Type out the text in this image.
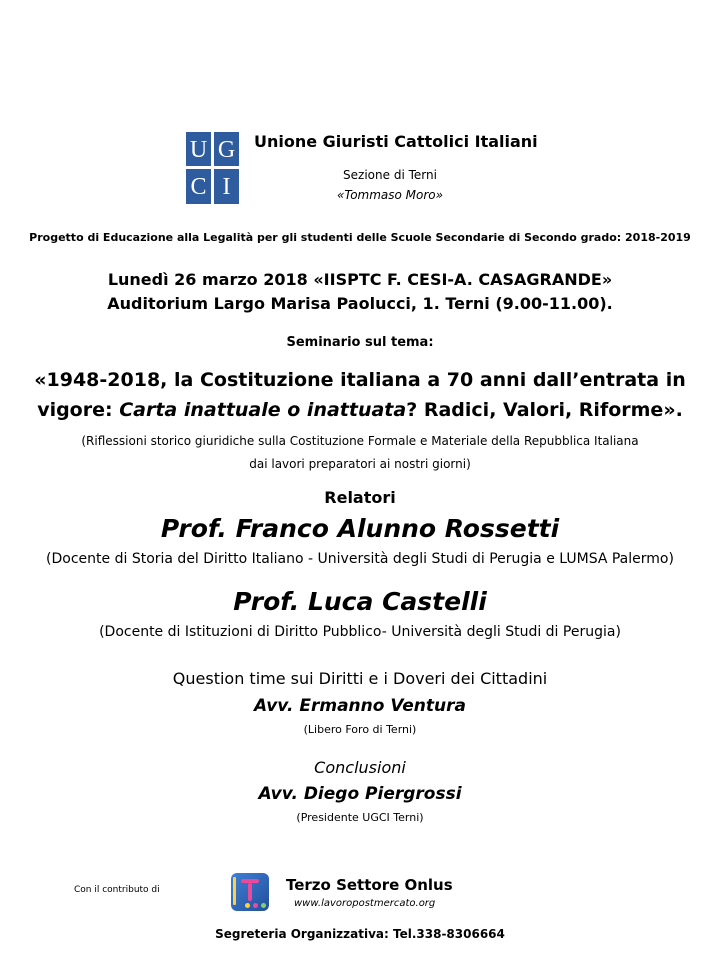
U G
C I
Unione Giuristi Cattolici Italiani
Sezione di Terni
«Tommaso Moro»
Progetto di Educazione alla Legalità per gli studenti delle Scuole Secondarie di Secondo grado: 2018-2019
Lunedì 26 marzo 2018 «IISPTC F. CESI-A. CASAGRANDE»
Auditorium Largo Marisa Paolucci, 1. Terni (9.00-11.00).
Seminario sul tema:
«1948-2018, la Costituzione italiana a 70 anni dall’entrata in
vigore: Carta inattuale o inattuata? Radici, Valori, Riforme».
(Riflessioni storico giuridiche sulla Costituzione Formale e Materiale della Repubblica Italiana
dai lavori preparatori ai nostri giorni)
Relatori
Prof. Franco Alunno Rossetti
(Docente di Storia del Diritto Italiano - Università degli Studi di Perugia e LUMSA Palermo)
Prof. Luca Castelli
(Docente di Istituzioni di Diritto Pubblico- Università degli Studi di Perugia)
Question time sui Diritti e i Doveri dei Cittadini
Avv. Ermanno Ventura
(Libero Foro di Terni)
Conclusioni
Avv. Diego Piergrossi
(Presidente UGCI Terni)
Con il contributo di	Terzo Settore Onlus
www.lavoropostmercato.org
Segreteria Organizzativa: Tel.338-8306664
